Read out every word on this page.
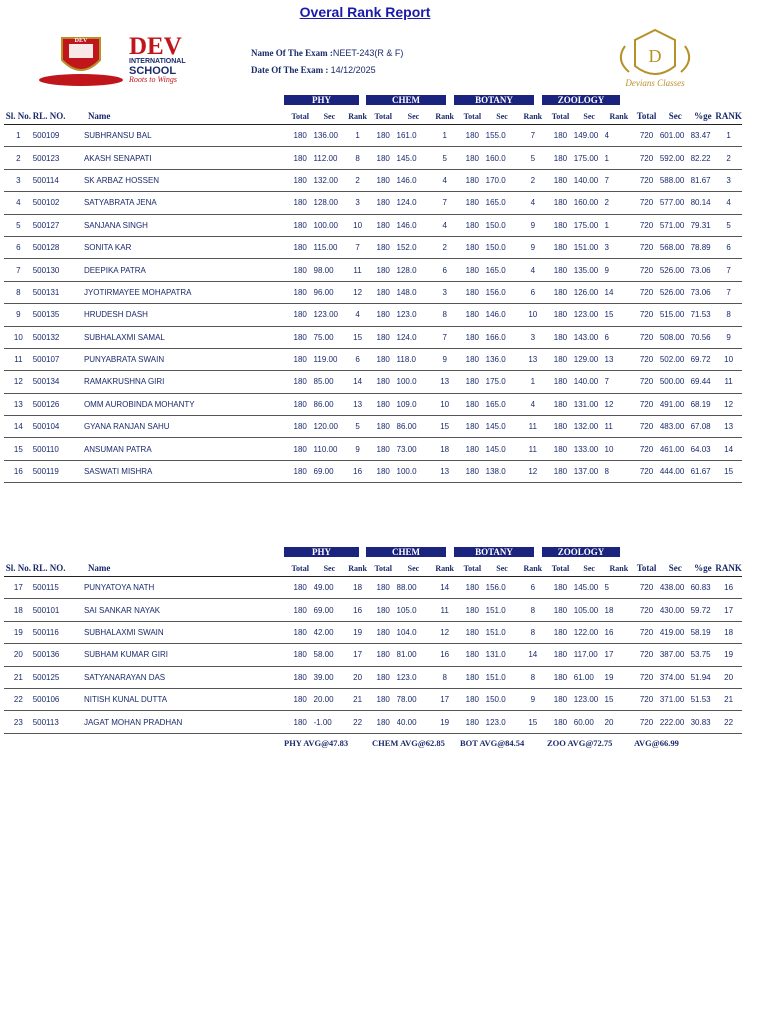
Overal Rank Report
DEV DEV
INTERNATIONAL
SCHOOL
Roots to Wings
Name Of The Exam :NEET-243(R & F)
Date Of The Exam : 14/12/2025
D
Devians Classes
PHY	CHEM	BOTANY	ZOOLOGY
Sl. No.	RL. NO.	Name	Total	Sec	Rank	Total	Sec	Rank	Total	Sec	Rank	Total	Sec	Rank	Total	Sec	%ge	RANK
1	500109	SUBHRANSU BAL	180	136.00	1	180	161.0	1	180	155.0	7	180	149.00	4	720	601.00	83.47	1
2	500123	AKASH SENAPATI	180	112.00	8	180	145.0	5	180	160.0	5	180	175.00	1	720	592.00	82.22	2
3	500114	SK ARBAZ HOSSEN	180	132.00	2	180	146.0	4	180	170.0	2	180	140.00	7	720	588.00	81.67	3
4	500102	SATYABRATA JENA	180	128.00	3	180	124.0	7	180	165.0	4	180	160.00	2	720	577.00	80.14	4
5	500127	SANJANA SINGH	180	100.00	10	180	146.0	4	180	150.0	9	180	175.00	1	720	571.00	79.31	5
6	500128	SONITA KAR	180	115.00	7	180	152.0	2	180	150.0	9	180	151.00	3	720	568.00	78.89	6
7	500130	DEEPIKA PATRA	180	98.00	11	180	128.0	6	180	165.0	4	180	135.00	9	720	526.00	73.06	7
8	500131	JYOTIRMAYEE MOHAPATRA	180	96.00	12	180	148.0	3	180	156.0	6	180	126.00	14	720	526.00	73.06	7
9	500135	HRUDESH DASH	180	123.00	4	180	123.0	8	180	146.0	10	180	123.00	15	720	515.00	71.53	8
10	500132	SUBHALAXMI SAMAL	180	75.00	15	180	124.0	7	180	166.0	3	180	143.00	6	720	508.00	70.56	9
11	500107	PUNYABRATA SWAIN	180	119.00	6	180	118.0	9	180	136.0	13	180	129.00	13	720	502.00	69.72	10
12	500134	RAMAKRUSHNA GIRI	180	85.00	14	180	100.0	13	180	175.0	1	180	140.00	7	720	500.00	69.44	11
13	500126	OMM AUROBINDA MOHANTY	180	86.00	13	180	109.0	10	180	165.0	4	180	131.00	12	720	491.00	68.19	12
14	500104	GYANA RANJAN SAHU	180	120.00	5	180	86.00	15	180	145.0	11	180	132.00	11	720	483.00	67.08	13
15	500110	ANSUMAN PATRA	180	110.00	9	180	73.00	18	180	145.0	11	180	133.00	10	720	461.00	64.03	14
16	500119	SASWATI MISHRA	180	69.00	16	180	100.0	13	180	138.0	12	180	137.00	8	720	444.00	61.67	15
PHY	CHEM	BOTANY	ZOOLOGY
Sl. No.	RL. NO.	Name	Total	Sec	Rank	Total	Sec	Rank	Total	Sec	Rank	Total	Sec	Rank	Total	Sec	%ge	RANK
17	500115	PUNYATOYA NATH	180	49.00	18	180	88.00	14	180	156.0	6	180	145.00	5	720	438.00	60.83	16
18	500101	SAI SANKAR NAYAK	180	69.00	16	180	105.0	11	180	151.0	8	180	105.00	18	720	430.00	59.72	17
19	500116	SUBHALAXMI SWAIN	180	42.00	19	180	104.0	12	180	151.0	8	180	122.00	16	720	419.00	58.19	18
20	500136	SUBHAM KUMAR GIRI	180	58.00	17	180	81.00	16	180	131.0	14	180	117.00	17	720	387.00	53.75	19
21	500125	SATYANARAYAN DAS	180	39.00	20	180	123.0	8	180	151.0	8	180	61.00	19	720	374.00	51.94	20
22	500106	NITISH KUNAL DUTTA	180	20.00	21	180	78.00	17	180	150.0	9	180	123.00	15	720	371.00	51.53	21
23	500113	JAGAT MOHAN PRADHAN	180	-1.00	22	180	40.00	19	180	123.0	15	180	60.00	20	720	222.00	30.83	22
PHY AVG@47.83	CHEM AVG@62.85 BOT AVG@84.54	ZOO AVG@72.75	AVG@66.99
